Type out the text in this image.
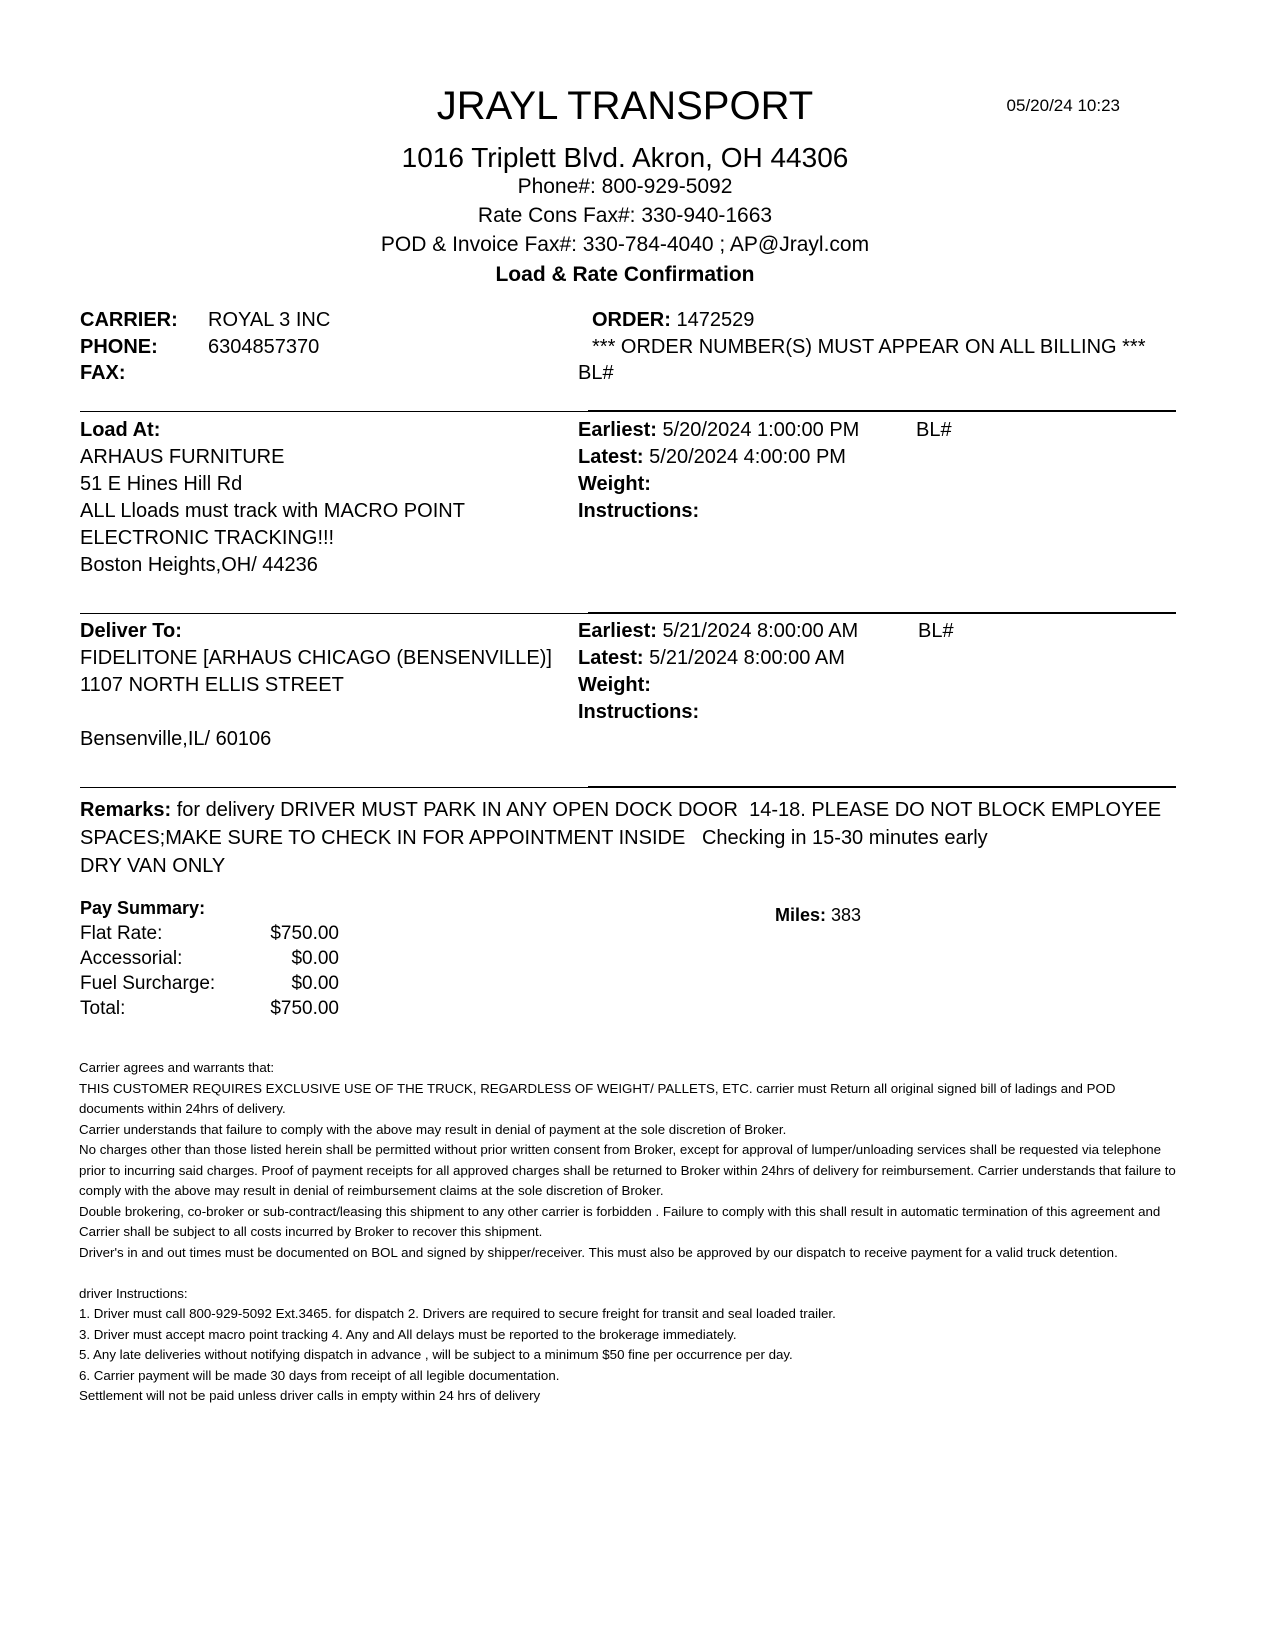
JRAYL TRANSPORT	05/20/24 10:23
1016 Triplett Blvd. Akron, OH 44306
Phone#: 800-929-5092
Rate Cons Fax#: 330-940-1663
POD & Invoice Fax#: 330-784-4040 ; AP@Jrayl.com
Load & Rate Confirmation
CARRIER: ROYAL 3 INC
PHONE:	6304857370
FAX:
ORDER: 1472529
*** ORDER NUMBER(S) MUST APPEAR ON ALL BILLING ***
BL#
Load At:
ARHAUS FURNITURE
51 E Hines Hill Rd
ALL Lloads must track with MACRO POINT
ELECTRONIC TRACKING!!!
Boston Heights,OH/ 44236
Earliest: 5/20/2024 1:00:00 PM	BL#
Latest: 5/20/2024 4:00:00 PM
Weight:
Instructions:
Deliver To:
FIDELITONE [ARHAUS CHICAGO (BENSENVILLE)]
1107 NORTH ELLIS STREET
Bensenville,IL/ 60106
Earliest: 5/21/2024 8:00:00 AM	BL#
Latest: 5/21/2024 8:00:00 AM
Weight:
Instructions:
Remarks: for delivery DRIVER MUST PARK IN ANY OPEN DOCK DOOR  14-18. PLEASE DO NOT BLOCK EMPLOYEE
SPACES;MAKE SURE TO CHECK IN FOR APPOINTMENT INSIDE   Checking in 15-30 minutes early
DRY VAN ONLY
Pay Summary:
Flat Rate:	$750.00
Accessorial:	$0.00
Fuel Surcharge:	$0.00
Total:	$750.00
Miles: 383
Carrier agrees and warrants that:
THIS CUSTOMER REQUIRES EXCLUSIVE USE OF THE TRUCK, REGARDLESS OF WEIGHT/ PALLETS, ETC. carrier must Return all original signed bill of ladings and POD documents within 24hrs of delivery.
Carrier understands that failure to comply with the above may result in denial of payment at the sole discretion of Broker.
No charges other than those listed herein shall be permitted without prior written consent from Broker, except for approval of lumper/unloading services shall be requested via telephone prior to incurring said charges. Proof of payment receipts for all approved charges shall be returned to Broker within 24hrs of delivery for reimbursement. Carrier understands that failure to comply with the above may result in denial of reimbursement claims at the sole discretion of Broker.
Double brokering, co-broker or sub-contract/leasing this shipment to any other carrier is forbidden . Failure to comply with this shall result in automatic termination of this agreement and Carrier shall be subject to all costs incurred by Broker to recover this shipment.
Driver's in and out times must be documented on BOL and signed by shipper/receiver. This must also be approved by our dispatch to receive payment for a valid truck detention.
driver Instructions:
1. Driver must call 800-929-5092 Ext.3465. for dispatch 2. Drivers are required to secure freight for transit and seal loaded trailer.
3. Driver must accept macro point tracking 4. Any and All delays must be reported to the brokerage immediately.
5. Any late deliveries without notifying dispatch in advance , will be subject to a minimum $50 fine per occurrence per day.
6. Carrier payment will be made 30 days from receipt of all legible documentation.
Settlement will not be paid unless driver calls in empty within 24 hrs of delivery
